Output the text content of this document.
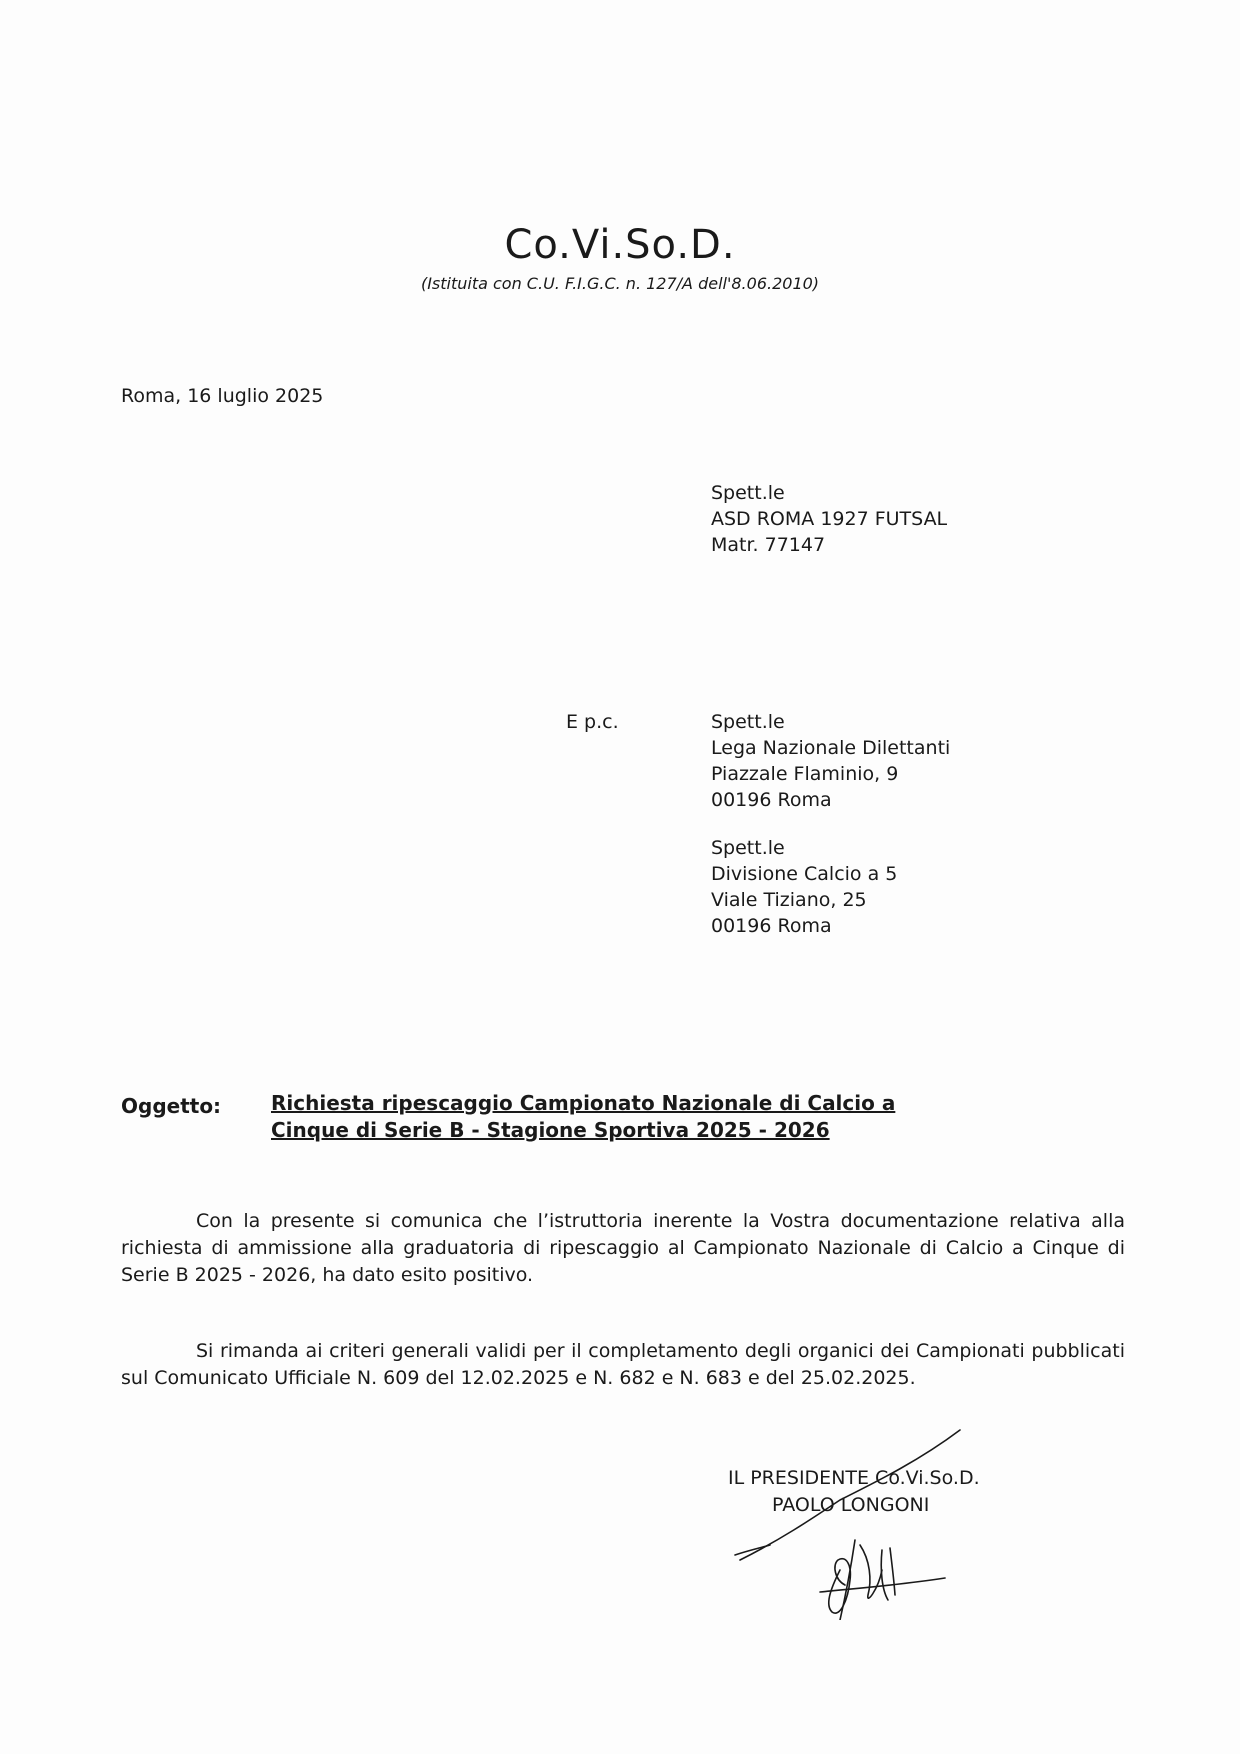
Co.Vi.So.D.
(Istituita con C.U. F.I.G.C. n. 127/A dell'8.06.2010)
Roma, 16 luglio 2025
Spett.le
ASD ROMA 1927 FUTSAL
Matr. 77147
E p.c.	Spett.le
Lega Nazionale Dilettanti
Piazzale Flaminio, 9
00196 Roma
Spett.le
Divisione Calcio a 5
Viale Tiziano, 25
00196 Roma
Oggetto: Richiesta ripescaggio Campionato Nazionale di Calcio a Cinque di Serie B - Stagione Sportiva 2025 - 2026
Con la presente si comunica che l’istruttoria inerente la Vostra documentazione relativa alla richiesta di ammissione alla graduatoria di ripescaggio al Campionato Nazionale di Calcio a Cinque di Serie B 2025 - 2026, ha dato esito positivo.
Si rimanda ai criteri generali validi per il completamento degli organici dei Campionati pubblicati sul Comunicato Ufficiale N. 609 del 12.02.2025 e N. 682 e N. 683 e del 25.02.2025.
IL PRESIDENTE Co.Vi.So.D.
PAOLO LONGONI
